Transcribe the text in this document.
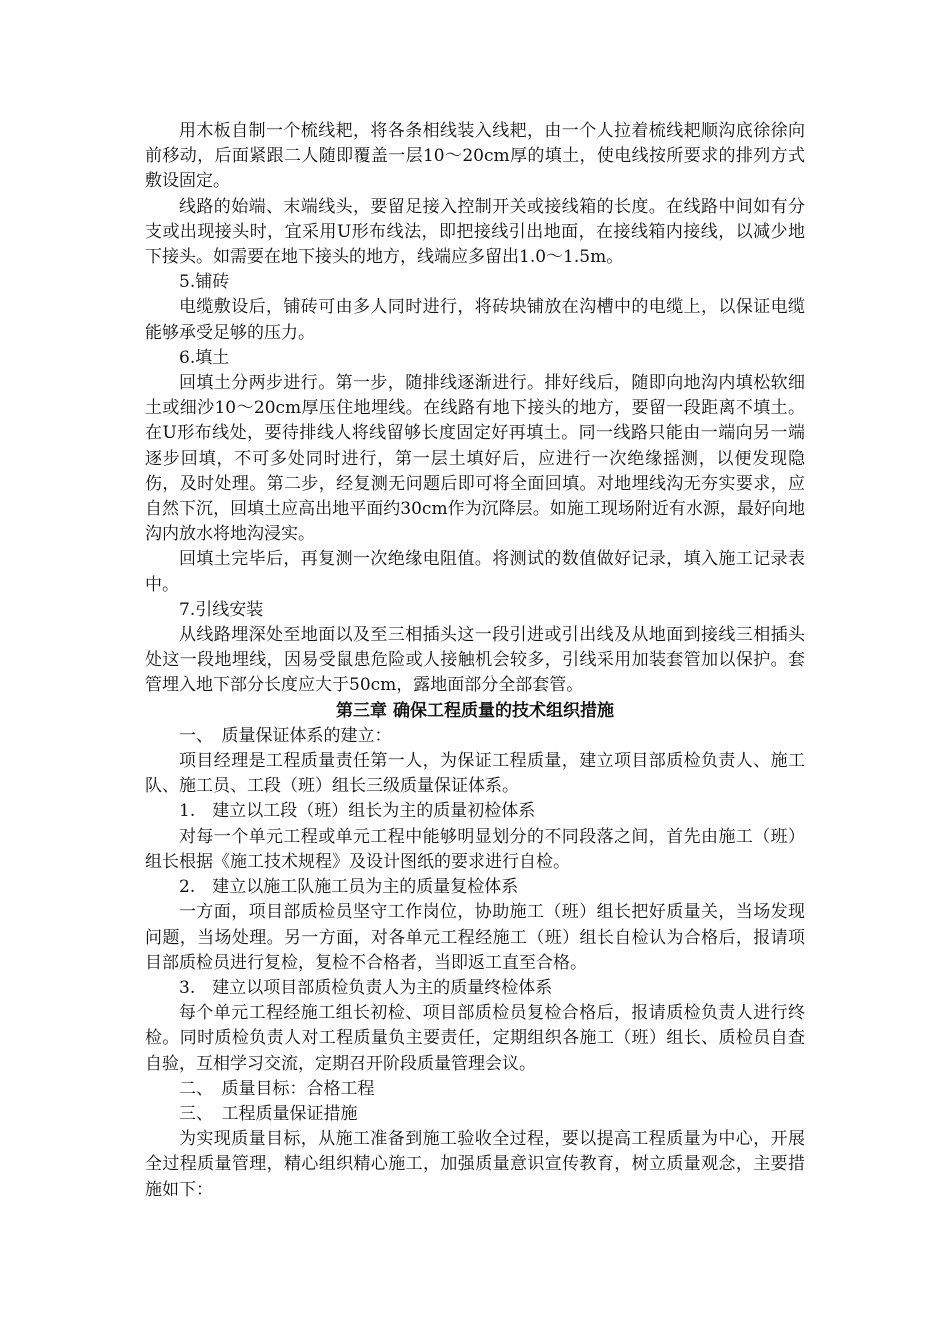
用木板自制一个梳线耙，将各条相线装入线耙，由一个人拉着梳线耙顺沟底徐徐向前移动，后面紧跟二人随即覆盖一层10～20cm厚的填土，使电线按所要求的排列方式敷设固定。

线路的始端、末端线头，要留足接入控制开关或接线箱的长度。在线路中间如有分支或出现接头时，宜采用U形布线法，即把接线引出地面，在接线箱内接线，以减少地下接头。如需要在地下接头的地方，线端应多留出1.0～1.5m。

5.铺砖

电缆敷设后，铺砖可由多人同时进行，将砖块铺放在沟槽中的电缆上，以保证电缆能够承受足够的压力。

6.填土

回填土分两步进行。第一步，随排线逐渐进行。排好线后，随即向地沟内填松软细土或细沙10～20cm厚压住地埋线。在线路有地下接头的地方，要留一段距离不填土。在U形布线处，要待排线人将线留够长度固定好再填土。同一线路只能由一端向另一端逐步回填，不可多处同时进行，第一层土填好后，应进行一次绝缘摇测，以便发现隐伤，及时处理。第二步，经复测无问题后即可将全面回填。对地埋线沟无夯实要求，应自然下沉，回填土应高出地平面约30cm作为沉降层。如施工现场附近有水源，最好向地沟内放水将地沟浸实。

回填土完毕后，再复测一次绝缘电阻值。将测试的数值做好记录，填入施工记录表中。

7.引线安装

从线路埋深处至地面以及至三相插头这一段引进或引出线及从地面到接线三相插头处这一段地埋线，因易受鼠患危险或人接触机会较多，引线采用加装套管加以保护。套管埋入地下部分长度应大于50cm，露地面部分全部套管。

第三章 确保工程质量的技术组织措施

一、　质量保证体系的建立：

项目经理是工程质量责任第一人，为保证工程质量，建立项目部质检负责人、施工队、施工员、工段（班）组长三级质量保证体系。

1.　建立以工段（班）组长为主的质量初检体系

对每一个单元工程或单元工程中能够明显划分的不同段落之间，首先由施工（班）组长根据《施工技术规程》及设计图纸的要求进行自检。

2.　建立以施工队施工员为主的质量复检体系

一方面，项目部质检员坚守工作岗位，协助施工（班）组长把好质量关，当场发现问题，当场处理。另一方面，对各单元工程经施工（班）组长自检认为合格后，报请项目部质检员进行复检，复检不合格者，当即返工直至合格。

3.　建立以项目部质检负责人为主的质量终检体系

每个单元工程经施工组长初检、项目部质检员复检合格后，报请质检负责人进行终检。同时质检负责人对工程质量负主要责任，定期组织各施工（班）组长、质检员自查自验，互相学习交流，定期召开阶段质量管理会议。

二、　质量目标：合格工程

三、　工程质量保证措施

为实现质量目标，从施工准备到施工验收全过程，要以提高工程质量为中心，开展全过程质量管理，精心组织精心施工，加强质量意识宣传教育，树立质量观念，主要措施如下：
